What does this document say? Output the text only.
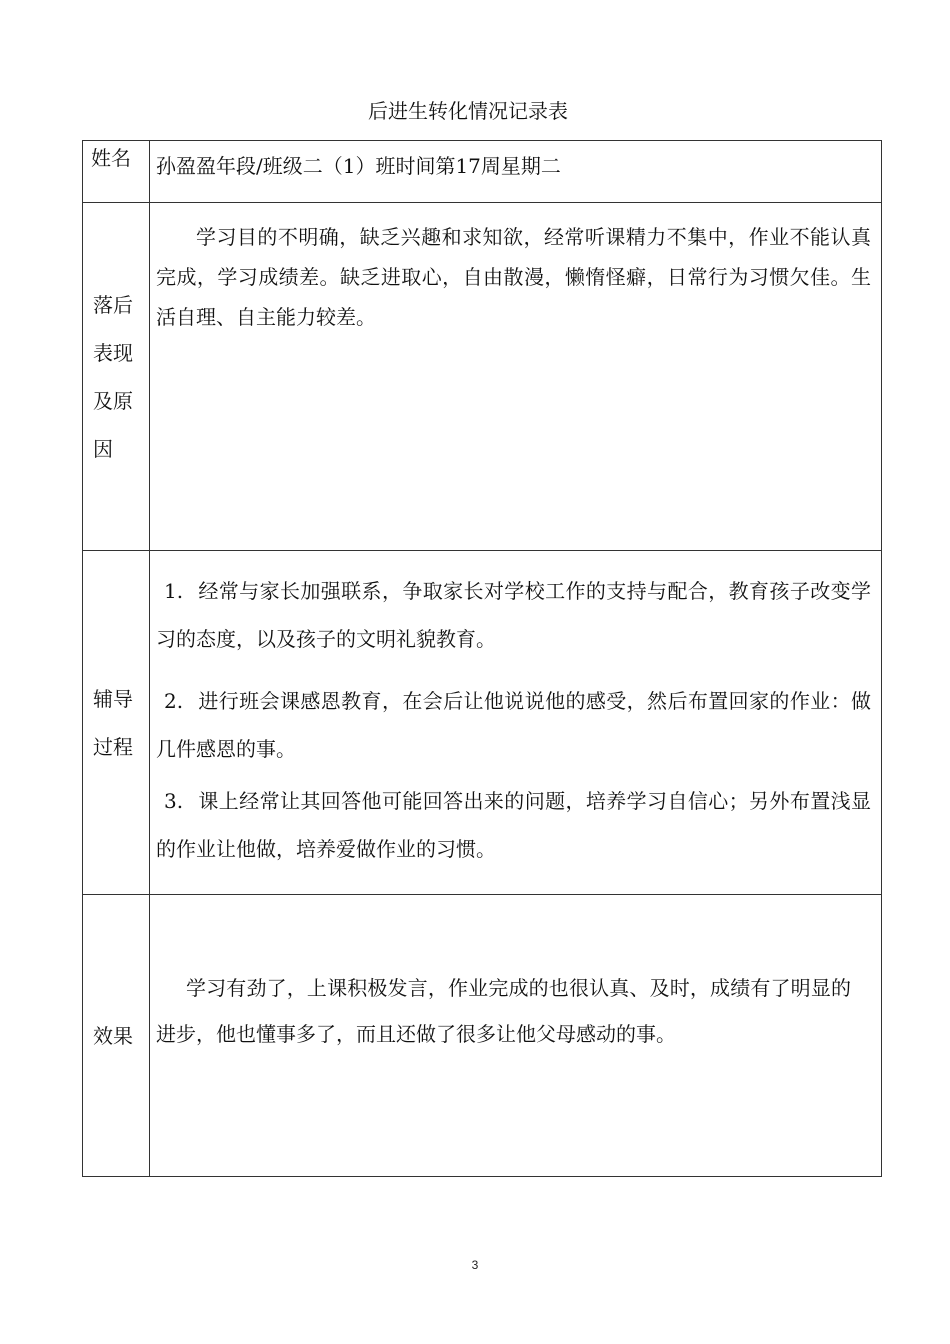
后进生转化情况记录表
姓名	孙盈盈年段/班级二（1）班时间第17周星期二

落后表现及原因	学习目的不明确，缺乏兴趣和求知欲，经常听课精力不集中，作业不能认真完成，学习成绩差。缺乏进取心，自由散漫，懒惰怪癖，日常行为习惯欠佳。生活自理、自主能力较差。

辅导过程	1. 经常与家长加强联系，争取家长对学校工作的支持与配合，教育孩子改变学习的态度，以及孩子的文明礼貌教育。

2. 进行班会课感恩教育，在会后让他说说他的感受，然后布置回家的作业：做几件感恩的事。

3. 课上经常让其回答他可能回答出来的问题，培养学习自信心；另外布置浅显的作业让他做，培养爱做作业的习惯。

效果	学习有劲了，上课积极发言，作业完成的也很认真、及时，成绩有了明显的进步，他也懂事多了，而且还做了很多让他父母感动的事。
3
